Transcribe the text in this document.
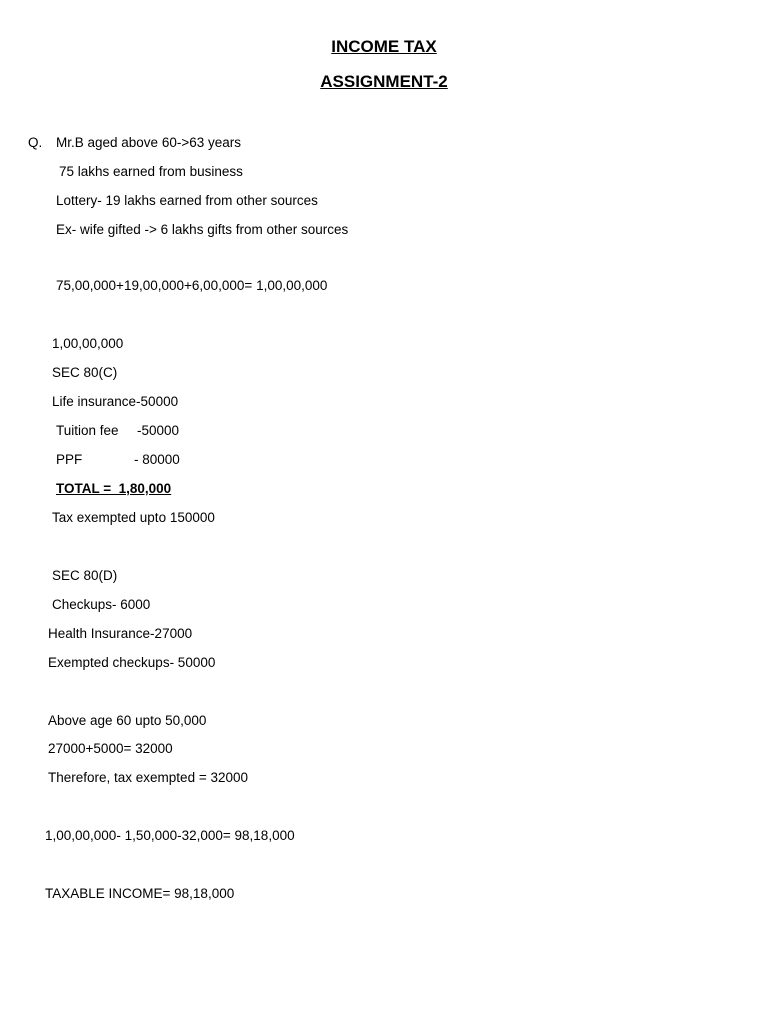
INCOME TAX
ASSIGNMENT-2
Q. Mr.B aged above 60->63 years
75 lakhs earned from business
Lottery- 19 lakhs earned from other sources
Ex- wife gifted -> 6 lakhs gifts from other sources
75,00,000+19,00,000+6,00,000= 1,00,00,000
1,00,00,000
SEC 80(C)
Life insurance-50000
Tuition fee -50000
PPF	- 80000
TOTAL =  1,80,000
Tax exempted upto 150000
SEC 80(D)
Checkups- 6000
Health Insurance-27000
Exempted checkups- 50000
Above age 60 upto 50,000
27000+5000= 32000
Therefore, tax exempted = 32000
1,00,00,000- 1,50,000-32,000= 98,18,000
TAXABLE INCOME= 98,18,000
